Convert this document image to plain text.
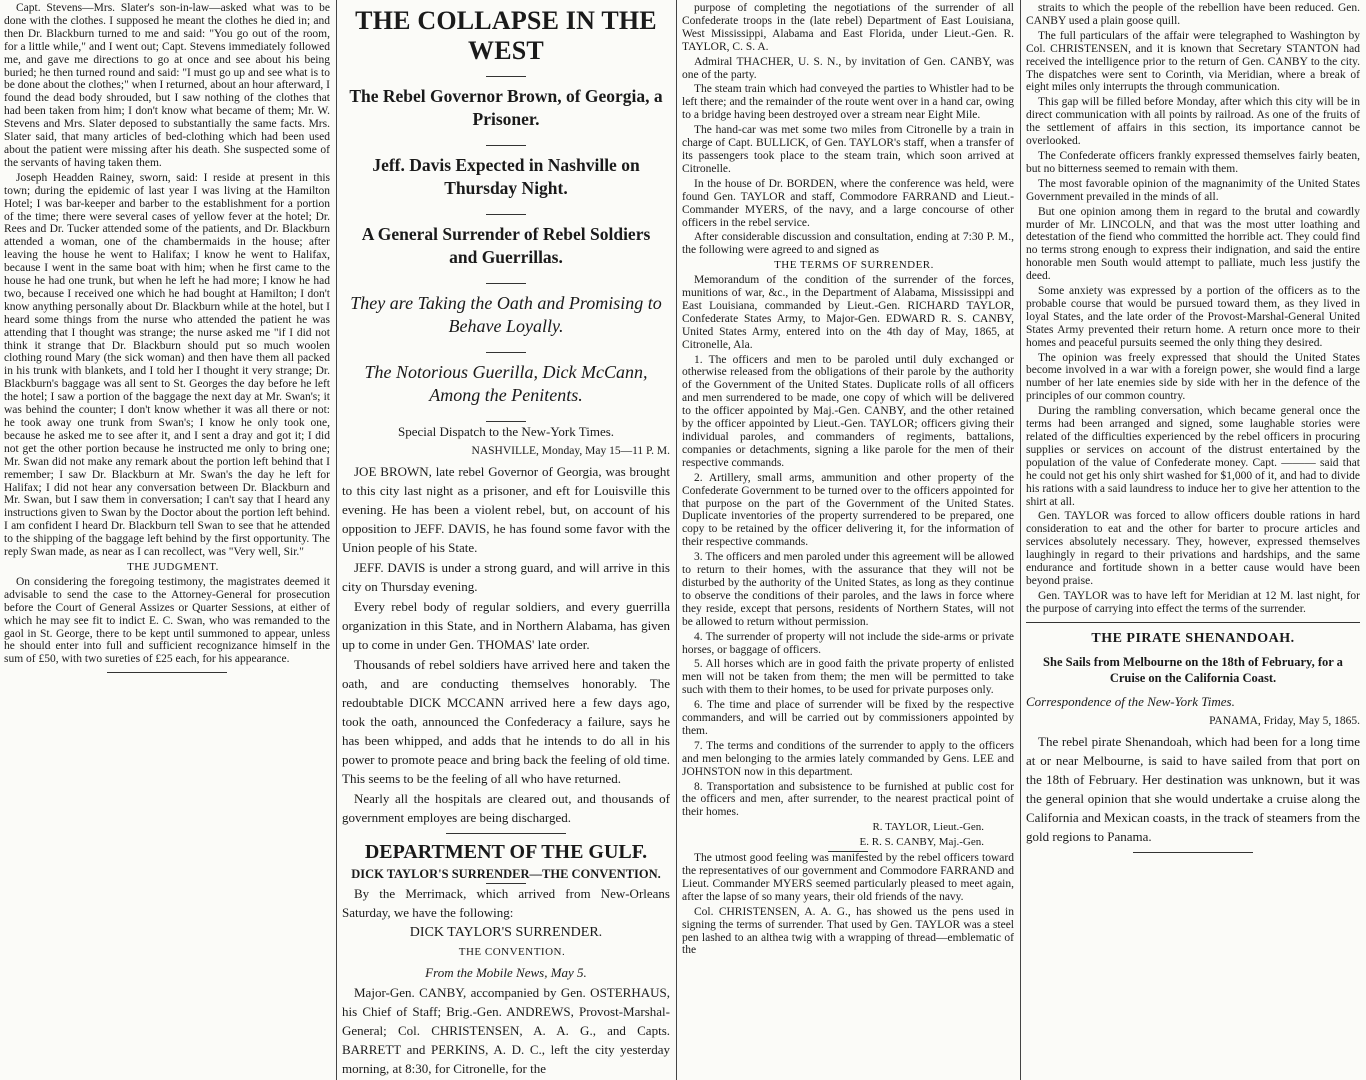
Capt. Stevens—Mrs. Slater's son-in-law—asked what was to be done with the clothes. I supposed he meant the clothes he died in; and then Dr. Blackburn turned to me and said: "You go out of the room, for a little while," and I went out; Capt. Stevens immediately followed me, and gave me directions to go at once and see about his being buried; he then turned round and said: "I must go up and see what is to be done about the clothes;" when I returned, about an hour afterward, I found the dead body shrouded, but I saw nothing of the clothes that had been taken from him; I don't know what became of them; Mr. W. Stevens and Mrs. Slater deposed to substantially the same facts. Mrs. Slater said, that many articles of bed-clothing which had been used about the patient were missing after his death. She suspected some of the servants of having taken them.

Joseph Headden Rainey, sworn, said: I reside at present in this town; during the epidemic of last year I was living at the Hamilton Hotel; I was bar-keeper and barber to the establishment for a portion of the time; there were several cases of yellow fever at the hotel; Dr. Rees and Dr. Tucker attended some of the patients, and Dr. Blackburn attended a woman, one of the chambermaids in the house; after leaving the house he went to Halifax; I know he went to Halifax, because I went in the same boat with him; when he first came to the house he had one trunk, but when he left he had more; I know he had two, because I received one which he had bought at Hamilton; I don't know anything personally about Dr. Blackburn while at the hotel, but I heard some things from the nurse who attended the patient he was attending that I thought was strange; the nurse asked me "if I did not think it strange that Dr. Blackburn should put so much woolen clothing round Mary (the sick woman) and then have them all packed in his trunk with blankets, and I told her I thought it very strange; Dr. Blackburn's baggage was all sent to St. Georges the day before he left the hotel; I saw a portion of the baggage the next day at Mr. Swan's; it was behind the counter; I don't know whether it was all there or not: he took away one trunk from Swan's; I know he only took one, because he asked me to see after it, and I sent a dray and got it; I did not get the other portion because he instructed me only to bring one; Mr. Swan did not make any remark about the portion left behind that I remember; I saw Dr. Blackburn at Mr. Swan's the day he left for Halifax; I did not hear any conversation between Dr. Blackburn and Mr. Swan, but I saw them in conversation; I can't say that I heard any instructions given to Swan by the Doctor about the portion left behind. I am confident I heard Dr. Blackburn tell Swan to see that he attended to the shipping of the baggage left behind by the first opportunity. The reply Swan made, as near as I can recollect, was "Very well, Sir."

THE JUDGMENT.

On considering the foregoing testimony, the magistrates deemed it advisable to send the case to the Attorney-General for prosecution before the Court of General Assizes or Quarter Sessions, at either of which he may see fit to indict E. C. Swan, who was remanded to the gaol in St. George, there to be kept until summoned to appear, unless he should enter into full and sufficient recognizance himself in the sum of £50, with two sureties of £25 each, for his appearance.

THE COLLAPSE IN THE WEST
The Rebel Governor Brown, of Georgia, a Prisoner.
Jeff. Davis Expected in Nashville on Thursday Night.
A General Surrender of Rebel Soldiers and Guerrillas.
They are Taking the Oath and Promising to Behave Loyally.
The Notorious Guerilla, Dick McCann, Among the Penitents.

Special Dispatch to the New-York Times.

NASHVILLE, Monday, May 15—11 P. M.

JOE BROWN, late rebel Governor of Georgia, was brought to this city last night as a prisoner, and eft for Louisville this evening. He has been a violent rebel, but, on account of his opposition to JEFF. DAVIS, he has found some favor with the Union people of his State.

JEFF. DAVIS is under a strong guard, and will arrive in this city on Thursday evening.

Every rebel body of regular soldiers, and every guerrilla organization in this State, and in Northern Alabama, has given up to come in under Gen. THOMAS' late order.

Thousands of rebel soldiers have arrived here and taken the oath, and are conducting themselves honorably. The redoubtable DICK MCCANN arrived here a few days ago, took the oath, announced the Confederacy a failure, says he has been whipped, and adds that he intends to do all in his power to promote peace and bring back the feeling of old time. This seems to be the feeling of all who have returned.

Nearly all the hospitals are cleared out, and thousands of government employes are being discharged.

DEPARTMENT OF THE GULF.

DICK TAYLOR'S SURRENDER—THE CONVENTION.

By the Merrimack, which arrived from New-Orleans Saturday, we have the following:

DICK TAYLOR'S SURRENDER.

THE CONVENTION.

From the Mobile News, May 5.

Major-Gen. CANBY, accompanied by Gen. OSTERHAUS, his Chief of Staff; Brig.-Gen. ANDREWS, Provost-Marshal-General; Col. CHRISTENSEN, A. A. G., and Capts. BARRETT and PERKINS, A. D. C., left the city yesterday morning, at 8:30, for Citronelle, for the

purpose of completing the negotiations of the surrender of all Confederate troops in the (late rebel) Department of East Louisiana, West Mississippi, Alabama and East Florida, under Lieut.-Gen. R. TAYLOR, C. S. A.

Admiral THACHER, U. S. N., by invitation of Gen. CANBY, was one of the party.

The steam train which had conveyed the parties to Whistler had to be left there; and the remainder of the route went over in a hand car, owing to a bridge having been destroyed over a stream near Eight Mile.

The hand-car was met some two miles from Citronelle by a train in charge of Capt. BULLICK, of Gen. TAYLOR's staff, when a transfer of its passengers took place to the steam train, which soon arrived at Citronelle.

In the house of Dr. BORDEN, where the conference was held, were found Gen. TAYLOR and staff, Commodore FARRAND and Lieut.-Commander MYERS, of the navy, and a large concourse of other officers in the rebel service.

After considerable discussion and consultation, ending at 7:30 P. M., the following were agreed to and signed as

THE TERMS OF SURRENDER.

Memorandum of the condition of the surrender of the forces, munitions of war, &c., in the Department of Alabama, Mississippi and East Louisiana, commanded by Lieut.-Gen. RICHARD TAYLOR, Confederate States Army, to Major-Gen. EDWARD R. S. CANBY, United States Army, entered into on the 4th day of May, 1865, at Citronelle, Ala.

1. The officers and men to be paroled until duly exchanged or otherwise released from the obligations of their parole by the authority of the Government of the United States. Duplicate rolls of all officers and men surrendered to be made, one copy of which will be delivered to the officer appointed by Maj.-Gen. CANBY, and the other retained by the officer appointed by Lieut.-Gen. TAYLOR; officers giving their individual paroles, and commanders of regiments, battalions, companies or detachments, signing a like parole for the men of their respective commands.

2. Artillery, small arms, ammunition and other property of the Confederate Government to be turned over to the officers appointed for that purpose on the part of the Government of the United States. Duplicate inventories of the property surrendered to be prepared, one copy to be retained by the officer delivering it, for the information of their respective commands.

3. The officers and men paroled under this agreement will be allowed to return to their homes, with the assurance that they will not be disturbed by the authority of the United States, as long as they continue to observe the conditions of their paroles, and the laws in force where they reside, except that persons, residents of Northern States, will not be allowed to return without permission.

4. The surrender of property will not include the side-arms or private horses, or baggage of officers.

5. All horses which are in good faith the private property of enlisted men will not be taken from them; the men will be permitted to take such with them to their homes, to be used for private purposes only.

6. The time and place of surrender will be fixed by the respective commanders, and will be carried out by commissioners appointed by them.

7. The terms and conditions of the surrender to apply to the officers and men belonging to the armies lately commanded by Gens. LEE and JOHNSTON now in this department.

8. Transportation and subsistence to be furnished at public cost for the officers and men, after surrender, to the nearest practical point of their homes.

R. TAYLOR, Lieut.-Gen.

E. R. S. CANBY, Maj.-Gen.

The utmost good feeling was manifested by the rebel officers toward the representatives of our government and Commodore FARRAND and Lieut. Commander MYERS seemed particularly pleased to meet again, after the lapse of so many years, their old friends of the navy.

Col. CHRISTENSEN, A. A. G., has showed us the pens used in signing the terms of surrender. That used by Gen. TAYLOR was a steel pen lashed to an althea twig with a wrapping of thread—emblematic of the

straits to which the people of the rebellion have been reduced. Gen. CANBY used a plain goose quill.

The full particulars of the affair were telegraphed to Washington by Col. CHRISTENSEN, and it is known that Secretary STANTON had received the intelligence prior to the return of Gen. CANBY to the city. The dispatches were sent to Corinth, via Meridian, where a break of eight miles only interrupts the through communication.

This gap will be filled before Monday, after which this city will be in direct communication with all points by railroad. As one of the fruits of the settlement of affairs in this section, its importance cannot be overlooked.

The Confederate officers frankly expressed themselves fairly beaten, but no bitterness seemed to remain with them.

The most favorable opinion of the magnanimity of the United States Government prevailed in the minds of all.

But one opinion among them in regard to the brutal and cowardly murder of Mr. LINCOLN, and that was the most utter loathing and detestation of the fiend who committed the horrible act. They could find no terms strong enough to express their indignation, and said the entire honorable men South would attempt to palliate, much less justify the deed.

Some anxiety was expressed by a portion of the officers as to the probable course that would be pursued toward them, as they lived in loyal States, and the late order of the Provost-Marshal-General United States Army prevented their return home. A return once more to their homes and peaceful pursuits seemed the only thing they desired.

The opinion was freely expressed that should the United States become involved in a war with a foreign power, she would find a large number of her late enemies side by side with her in the defence of the principles of our common country.

During the rambling conversation, which became general once the terms had been arranged and signed, some laughable stories were related of the difficulties experienced by the rebel officers in procuring supplies or services on account of the distrust entertained by the population of the value of Confederate money. Capt. ——— said that he could not get his only shirt washed for $1,000 of it, and had to divide his rations with a said laundress to induce her to give her attention to the shirt at all.

Gen. TAYLOR was forced to allow officers double rations in hard consideration to eat and the other for barter to procure articles and services absolutely necessary. They, however, expressed themselves laughingly in regard to their privations and hardships, and the same endurance and fortitude shown in a better cause would have been beyond praise.

Gen. TAYLOR was to have left for Meridian at 12 M. last night, for the purpose of carrying into effect the terms of the surrender.

THE PIRATE SHENANDOAH.
She Sails from Melbourne on the 18th of February, for a Cruise on the California Coast.

Correspondence of the New-York Times.

PANAMA, Friday, May 5, 1865.

The rebel pirate Shenandoah, which had been for a long time at or near Melbourne, is said to have sailed from that port on the 18th of February. Her destination was unknown, but it was the general opinion that she would undertake a cruise along the California and Mexican coasts, in the track of steamers from the gold regions to Panama.
